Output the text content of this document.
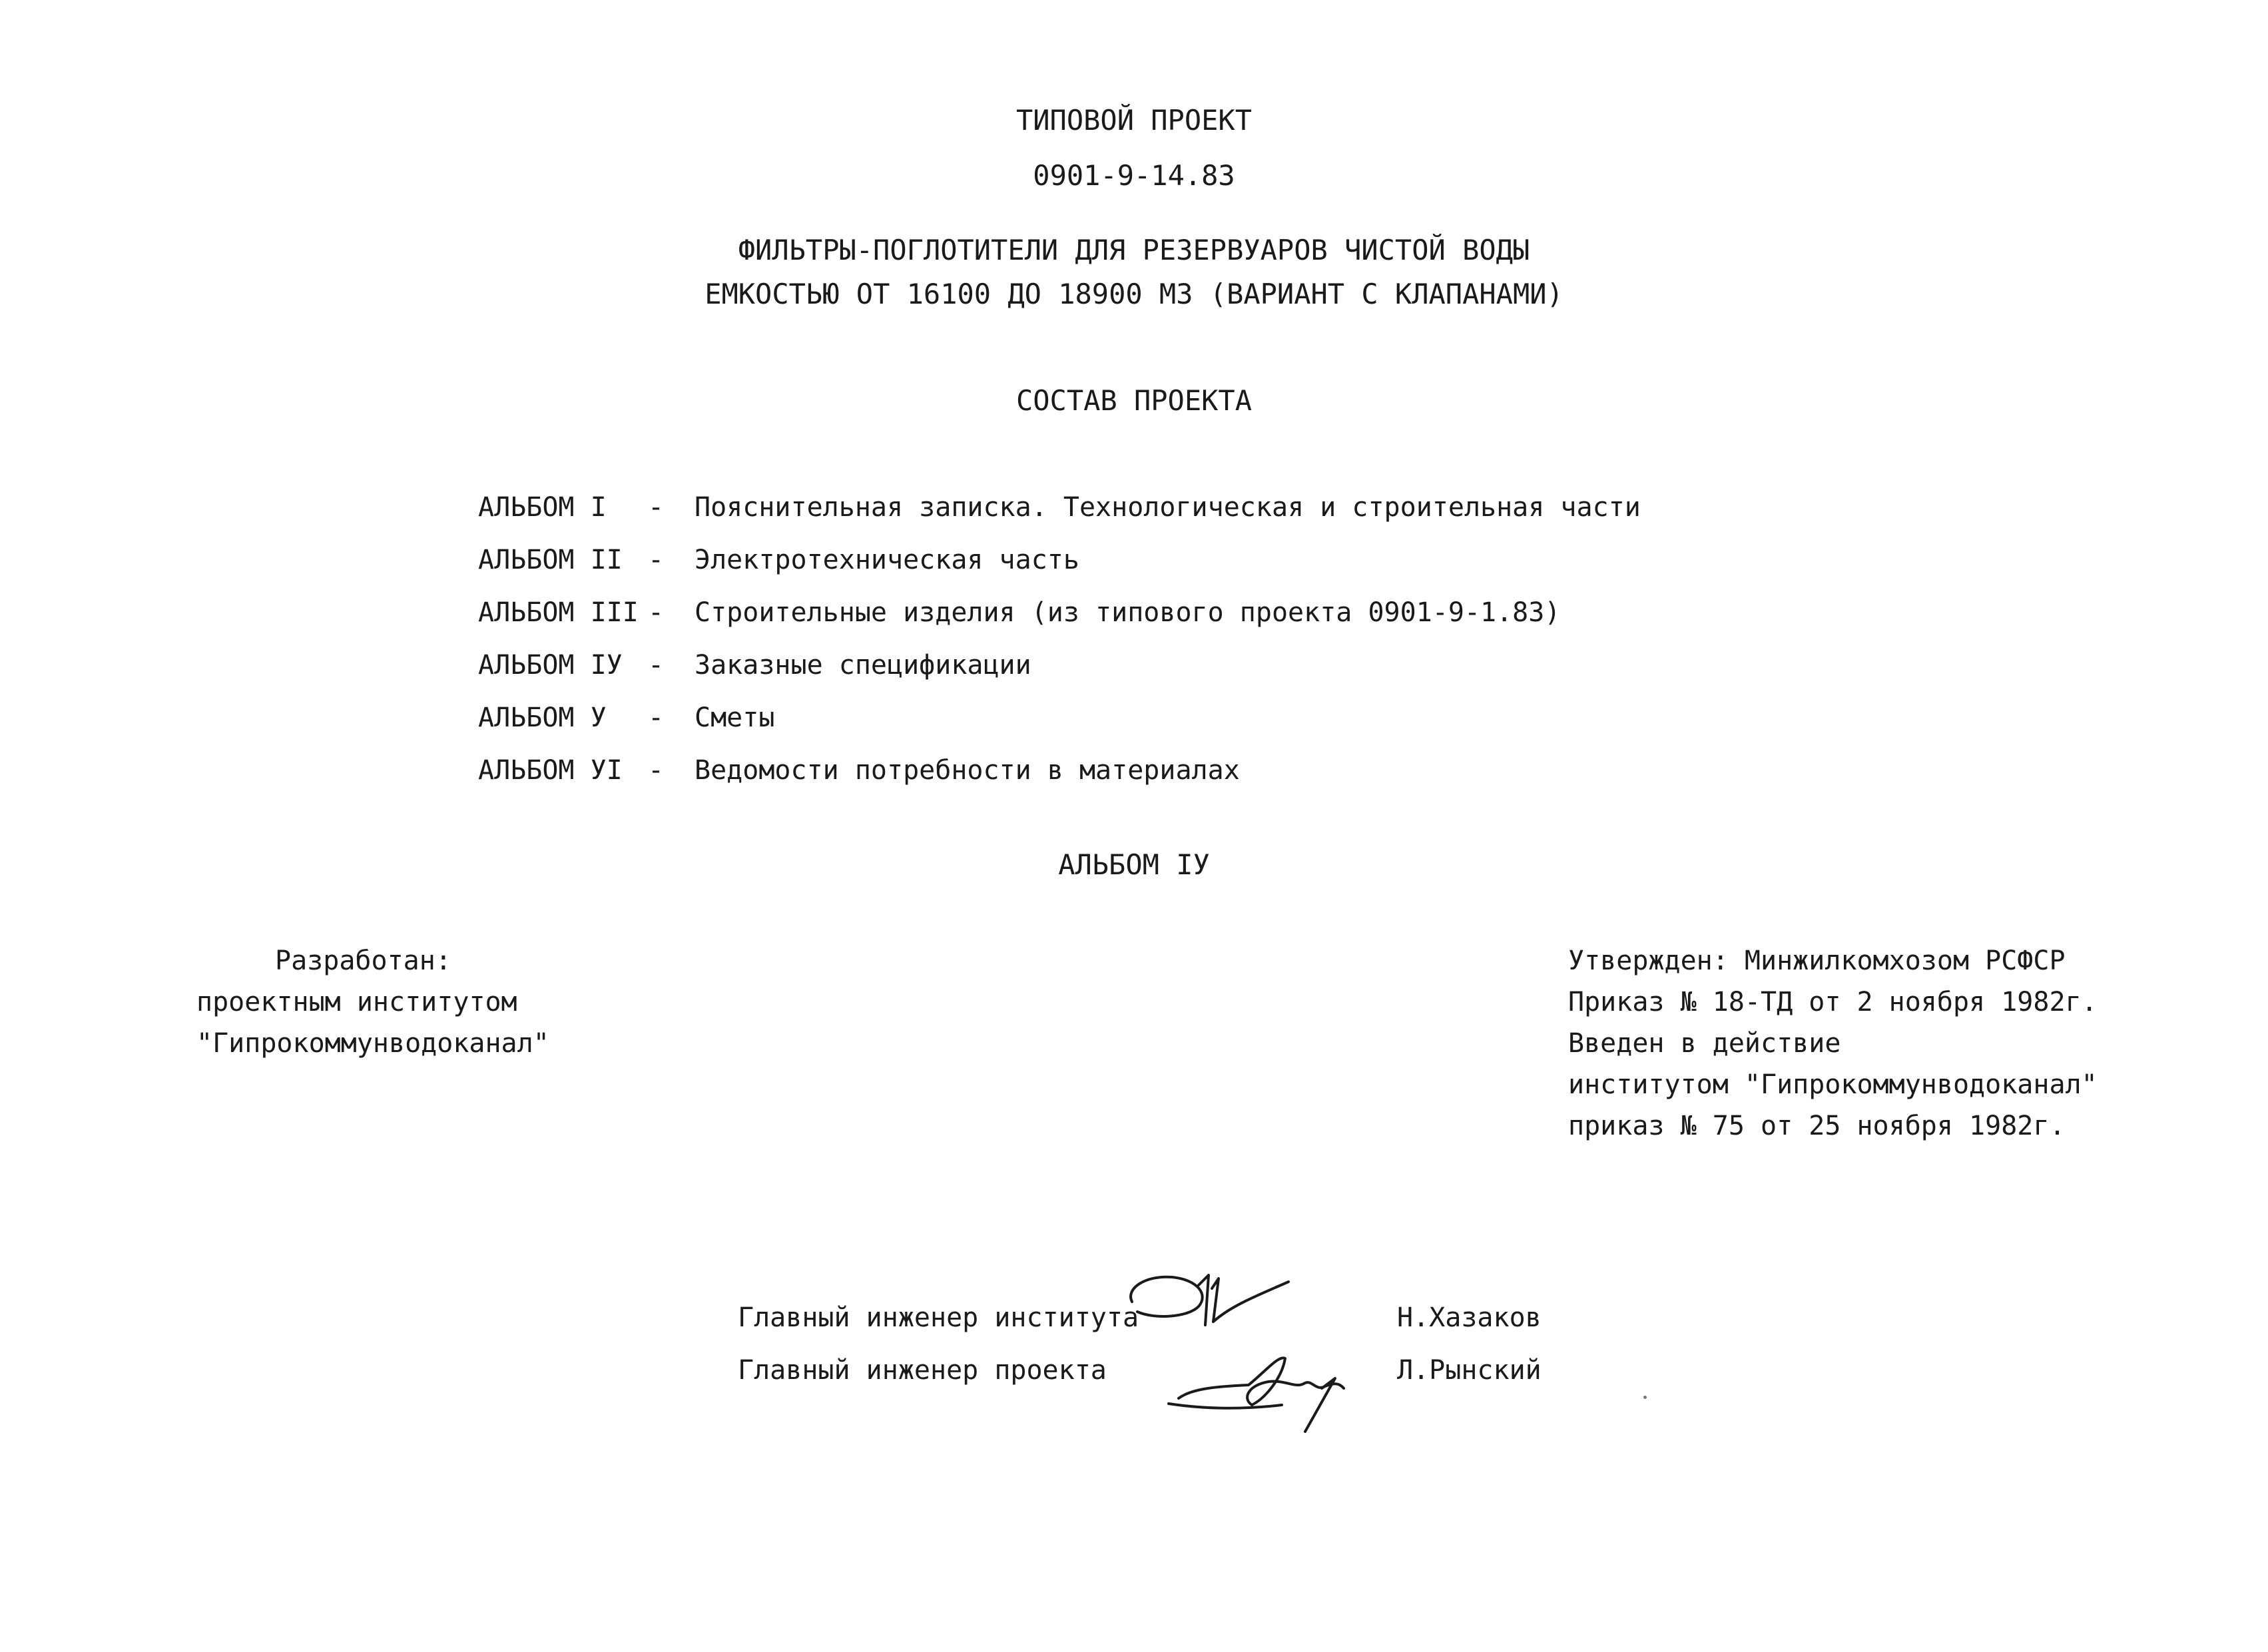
ТИПОВОЙ ПРОЕКТ
0901-9-14.83
ФИЛЬТРЫ-ПОГЛОТИТЕЛИ ДЛЯ РЕЗЕРВУАРОВ ЧИСТОЙ ВОДЫ
ЕМКОСТЬЮ ОТ 16100 ДО 18900 М3 (ВАРИАНТ С КЛАПАНАМИ)
СОСТАВ ПРОЕКТА
АЛЬБОМ I - Пояснительная записка. Технологическая и строительная части
АЛЬБОМ II - Электротехническая часть
АЛЬБОМ III - Строительные изделия (из типового проекта 0901-9-1.83)
АЛЬБОМ IУ - Заказные спецификации
АЛЬБОМ У - Сметы
АЛЬБОМ УI - Ведомости потребности в материалах
АЛЬБОМ IУ
Разработан:
проектным институтом
"Гипрокоммунводоканал"
Утвержден: Минжилкомхозом РСФСР
Приказ № 18-ТД от 2 ноября 1982г.
Введен в действие
институтом "Гипрокоммунводоканал"
приказ № 75 от 25 ноября 1982г.
Главный инженер института	Н.Хазаков
Главный инженер проекта	Л.Рынский
